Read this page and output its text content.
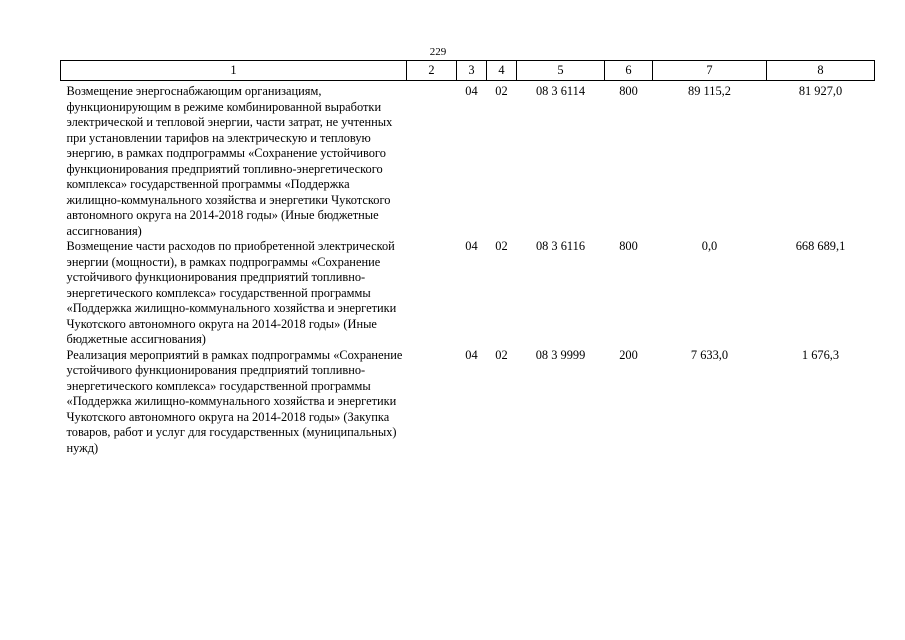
229
1	2	3	4	5	6	7	8
Возмещение энергоснабжающим организациям, функционирующим в режиме комбинированной выработки электрической и тепловой энергии, части затрат, не учтенных при установлении тарифов на электрическую и тепловую энергию, в рамках подпрограммы «Сохранение устойчивого функционирования предприятий топливно-энергетического комплекса» государственной программы «Поддержка жилищно-коммунального хозяйства и энергетики Чукотского автономного округа на 2014-2018 годы» (Иные бюджетные ассигнования)		04	02	08 3 6114	800	89 115,2	81 927,0
Возмещение части расходов по приобретенной электрической энергии (мощности), в рамках подпрограммы «Сохранение устойчивого функционирования предприятий топливно-энергетического комплекса» государственной программы «Поддержка жилищно-коммунального хозяйства и энергетики Чукотского автономного округа на 2014-2018 годы» (Иные бюджетные ассигнования)		04	02	08 3 6116	800	0,0	668 689,1
Реализация мероприятий в рамках подпрограммы «Сохранение устойчивого функционирования предприятий топливно-энергетического комплекса» государственной программы «Поддержка жилищно-коммунального хозяйства и энергетики Чукотского автономного округа на 2014-2018 годы» (Закупка товаров, работ и услуг для государственных (муниципальных) нужд)		04	02	08 3 9999	200	7 633,0	1 676,3
